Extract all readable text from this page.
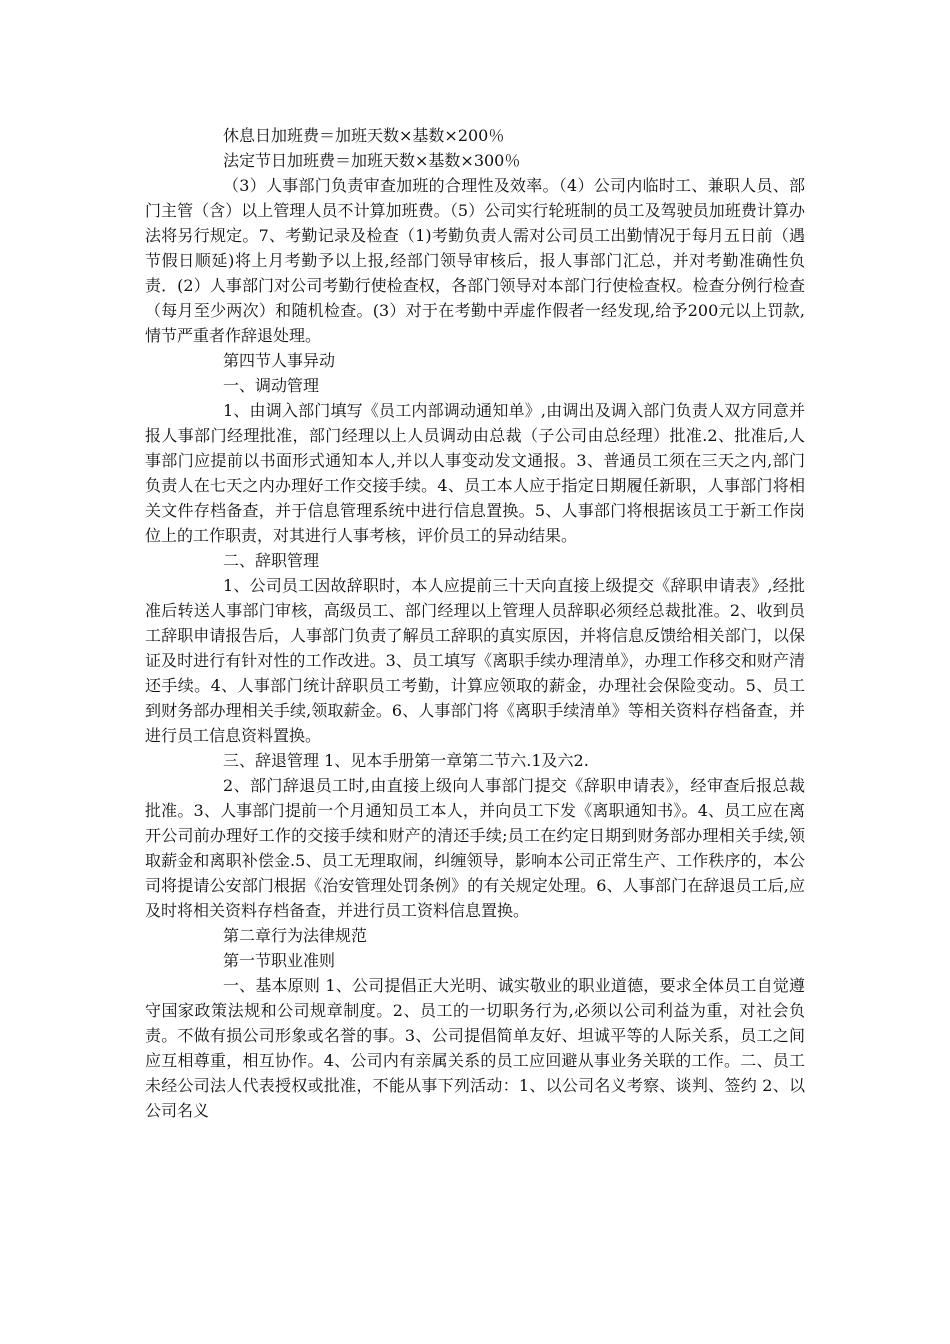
休息日加班费＝加班天数×基数×200％

法定节日加班费＝加班天数×基数×300％

（3）人事部门负责审查加班的合理性及效率。（4）公司内临时工、兼职人员、部门主管（含）以上管理人员不计算加班费。（5）公司实行轮班制的员工及驾驶员加班费计算办法将另行规定。7、考勤记录及检查（1)考勤负责人需对公司员工出勤情况于每月五日前（遇节假日顺延)将上月考勤予以上报,经部门领导审核后，报人事部门汇总，并对考勤准确性负责．(2）人事部门对公司考勤行使检查权，各部门领导对本部门行使检查权。检查分例行检查（每月至少两次）和随机检查。(3）对于在考勤中弄虚作假者一经发现,给予200元以上罚款,情节严重者作辞退处理。

第四节人事异动

一、调动管理

1、由调入部门填写《员工内部调动通知单》,由调出及调入部门负责人双方同意并报人事部门经理批准，部门经理以上人员调动由总裁（子公司由总经理）批准.2、批准后,人事部门应提前以书面形式通知本人,并以人事变动发文通报。3、普通员工须在三天之内,部门负责人在七天之内办理好工作交接手续。4、员工本人应于指定日期履任新职，人事部门将相关文件存档备查，并于信息管理系统中进行信息置换。5、人事部门将根据该员工于新工作岗位上的工作职责，对其进行人事考核，评价员工的异动结果。

二、辞职管理

1、公司员工因故辞职时，本人应提前三十天向直接上级提交《辞职申请表》,经批准后转送人事部门审核，高级员工、部门经理以上管理人员辞职必须经总裁批准。2、收到员工辞职申请报告后，人事部门负责了解员工辞职的真实原因，并将信息反馈给相关部门，以保证及时进行有针对性的工作改进。3、员工填写《离职手续办理清单》，办理工作移交和财产清还手续。4、人事部门统计辞职员工考勤，计算应领取的薪金，办理社会保险变动。5、员工到财务部办理相关手续,领取薪金。6、人事部门将《离职手续清单》等相关资料存档备查，并进行员工信息资料置换。

三、辞退管理 1、见本手册第一章第二节六.1及六2.

2、部门辞退员工时,由直接上级向人事部门提交《辞职申请表》，经审查后报总裁批准。3、人事部门提前一个月通知员工本人，并向员工下发《离职通知书》。4、员工应在离开公司前办理好工作的交接手续和财产的清还手续;员工在约定日期到财务部办理相关手续,领取薪金和离职补偿金.5、员工无理取闹，纠缠领导，影响本公司正常生产、工作秩序的，本公司将提请公安部门根据《治安管理处罚条例》的有关规定处理。6、人事部门在辞退员工后,应及时将相关资料存档备查，并进行员工资料信息置换。

第二章行为法律规范

第一节职业准则

一、基本原则 1、公司提倡正大光明、诚实敬业的职业道德，要求全体员工自觉遵守国家政策法规和公司规章制度。2、员工的一切职务行为,必须以公司利益为重，对社会负责。不做有损公司形象或名誉的事。3、公司提倡简单友好、坦诚平等的人际关系，员工之间应互相尊重，相互协作。4、公司内有亲属关系的员工应回避从事业务关联的工作。二、员工未经公司法人代表授权或批准，不能从事下列活动：1、以公司名义考察、谈判、签约 2、以公司名义
